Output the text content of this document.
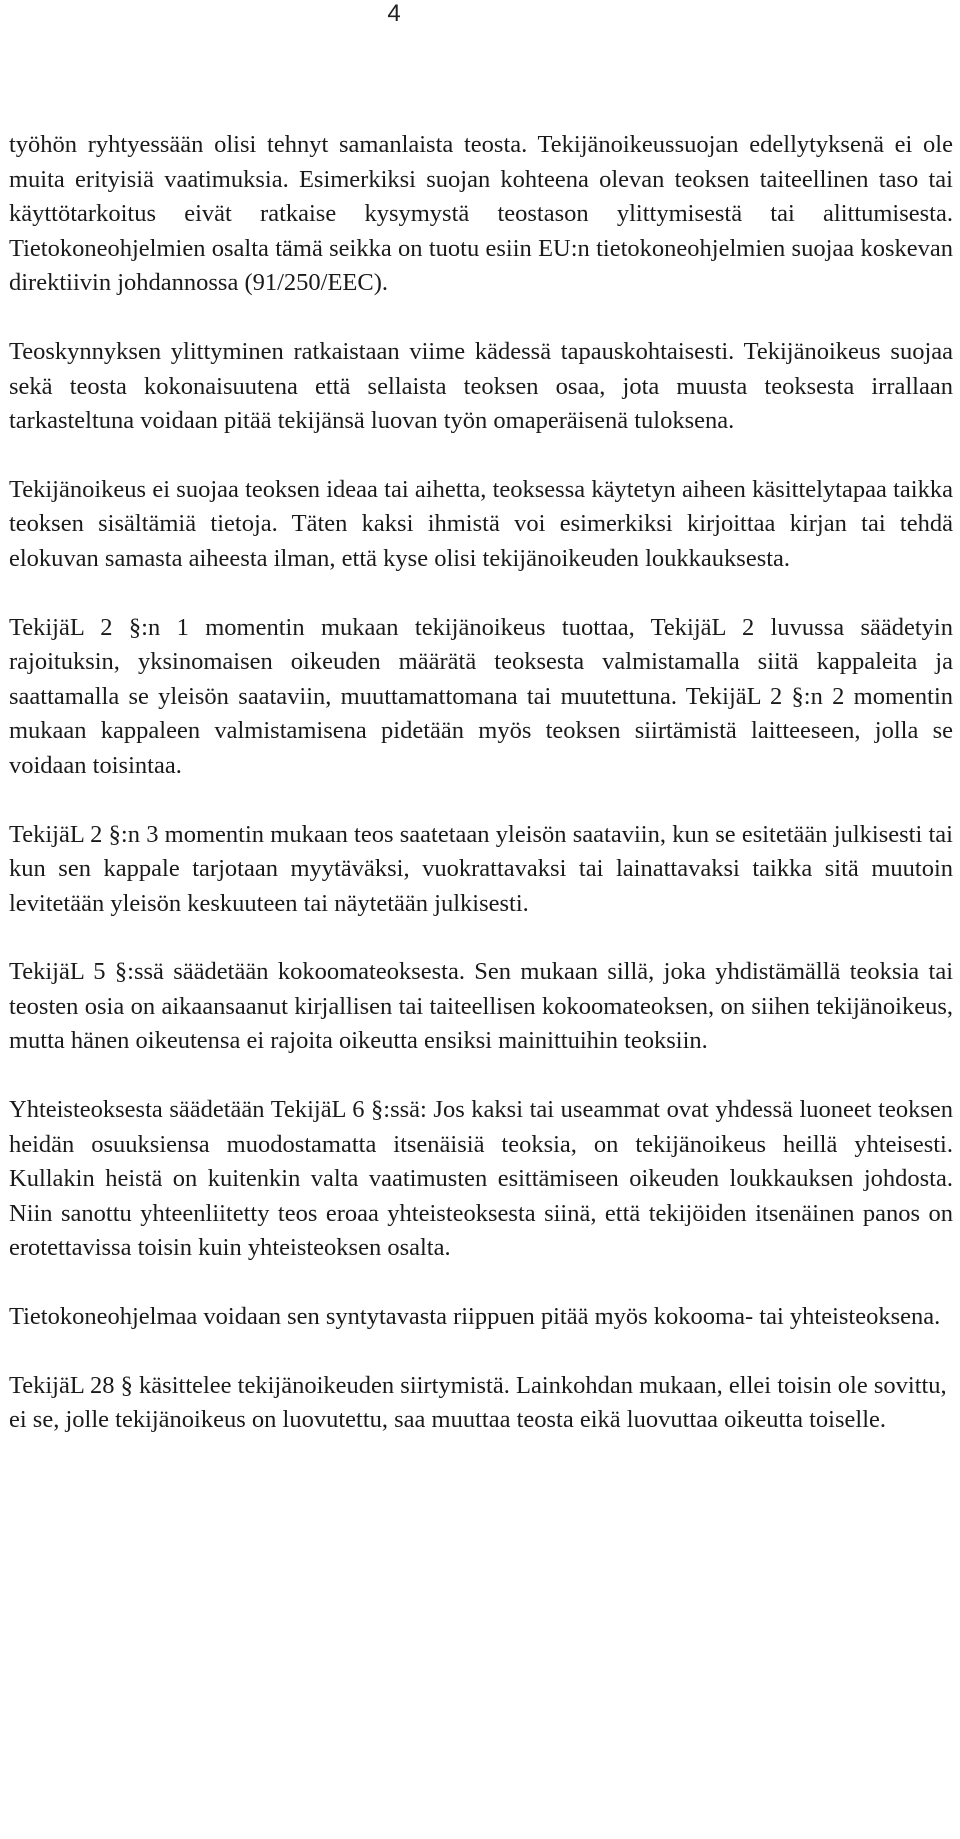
4

työhön ryhtyessään olisi tehnyt samanlaista teosta. Tekijänoikeussuojan edellytyksenä ei ole muita erityisiä vaatimuksia. Esimerkiksi suojan kohteena olevan teoksen taiteellinen taso tai käyttötarkoitus eivät ratkaise kysymystä teostason ylittymisestä tai alittumisesta. Tietokoneohjelmien osalta tämä seikka on tuotu esiin EU:n tietokoneohjelmien suojaa koskevan direktiivin johdannossa (91/250/EEC).

Teoskynnyksen ylittyminen ratkaistaan viime kädessä tapauskohtaisesti. Tekijänoikeus suojaa sekä teosta kokonaisuutena että sellaista teoksen osaa, jota muusta teoksesta irrallaan tarkasteltuna voidaan pitää tekijänsä luovan työn omaperäisenä tuloksena.

Tekijänoikeus ei suojaa teoksen ideaa tai aihetta, teoksessa käytetyn aiheen käsittelytapaa taikka teoksen sisältämiä tietoja. Täten kaksi ihmistä voi esimerkiksi kirjoittaa kirjan tai tehdä elokuvan samasta aiheesta ilman, että kyse olisi tekijänoikeuden loukkauksesta.

TekijäL 2 §:n 1 momentin mukaan tekijänoikeus tuottaa, TekijäL 2 luvussa säädetyin rajoituksin, yksinomaisen oikeuden määrätä teoksesta valmistamalla siitä kappaleita ja saattamalla se yleisön saataviin, muuttamattomana tai muutettuna. TekijäL 2 §:n 2 momentin mukaan kappaleen valmistamisena pidetään myös teoksen siirtämistä laitteeseen, jolla se voidaan toisintaa.

TekijäL 2 §:n 3 momentin mukaan teos saatetaan yleisön saataviin, kun se esitetään julkisesti tai kun sen kappale tarjotaan myytäväksi, vuokrattavaksi tai lainattavaksi taikka sitä muutoin levitetään yleisön keskuuteen tai näytetään julkisesti.

TekijäL 5 §:ssä säädetään kokoomateoksesta. Sen mukaan sillä, joka yhdistämällä teoksia tai teosten osia on aikaansaanut kirjallisen tai taiteellisen kokoomateoksen, on siihen tekijänoikeus, mutta hänen oikeutensa ei rajoita oikeutta ensiksi mainittuihin teoksiin.

Yhteisteoksesta säädetään TekijäL 6 §:ssä: Jos kaksi tai useammat ovat yhdessä luoneet teoksen heidän osuuksiensa muodostamatta itsenäisiä teoksia, on tekijänoikeus heillä yhteisesti. Kullakin heistä on kuitenkin valta vaatimusten esittämiseen oikeuden loukkauksen johdosta. Niin sanottu yhteenliitetty teos eroaa yhteisteoksesta siinä, että tekijöiden itsenäinen panos on erotettavissa toisin kuin yhteisteoksen osalta.

Tietokoneohjelmaa voidaan sen syntytavasta riippuen pitää myös kokooma- tai yhteisteoksena.

TekijäL 28 § käsittelee tekijänoikeuden siirtymistä. Lainkohdan mukaan, ellei toisin ole sovittu, ei se, jolle tekijänoikeus on luovutettu, saa muuttaa teosta eikä luovuttaa oikeutta toiselle.
